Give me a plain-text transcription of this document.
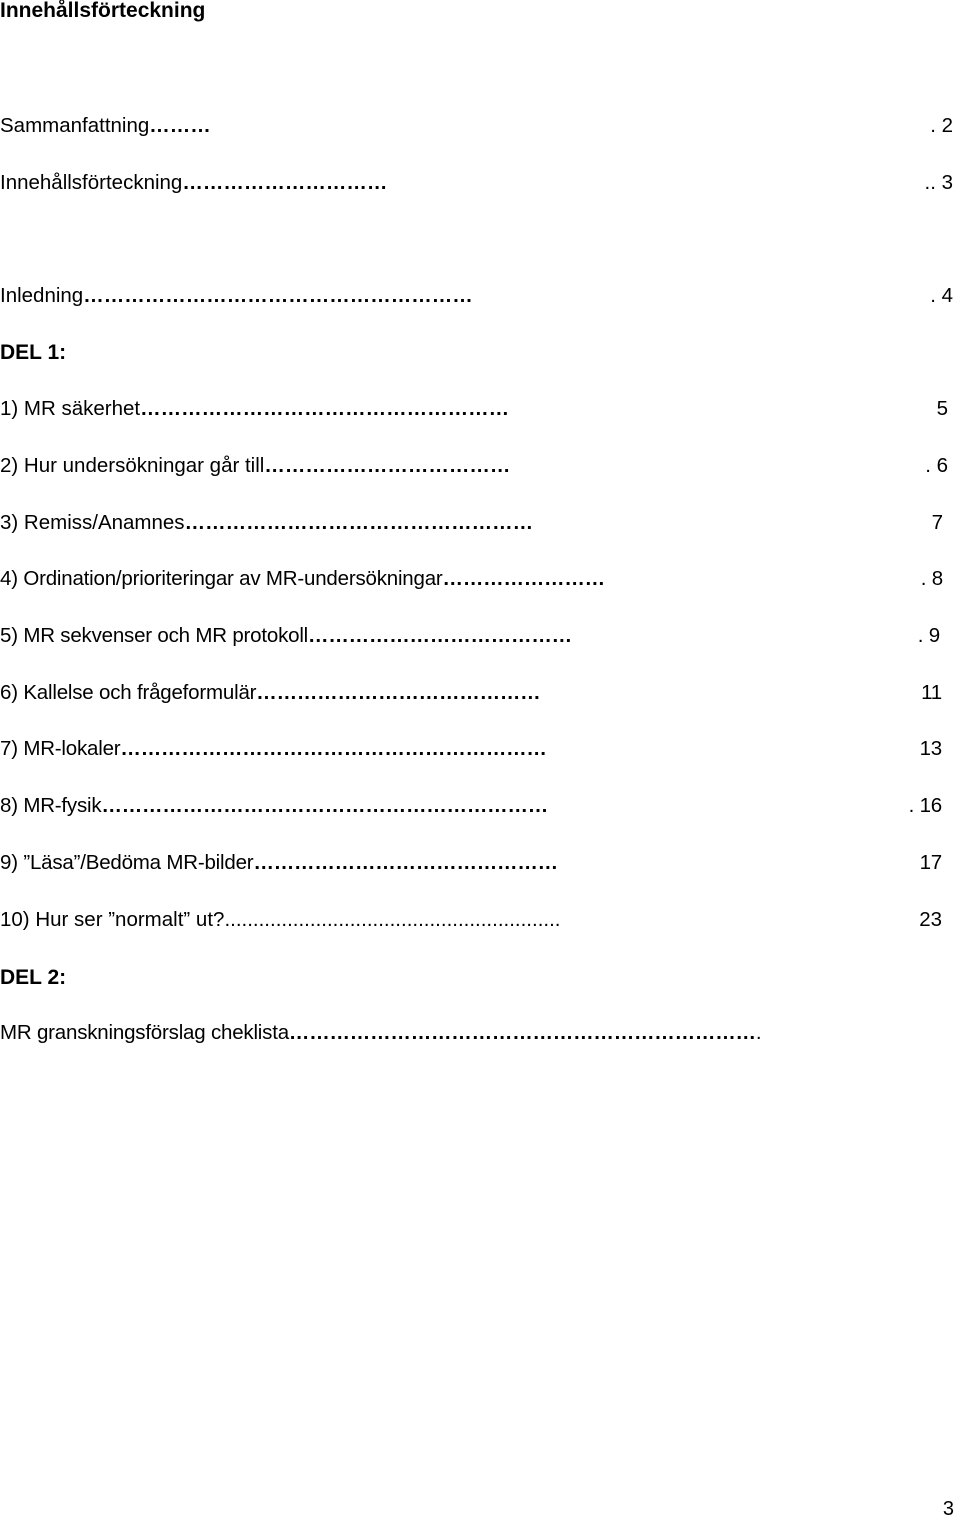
Innehållsförteckning
Sammanfattning………	. 2
Innehållsförteckning…………………………	.. 3
Inledning…………………………………………………	. 4
DEL 1:
1) MR säkerhet………………………………………………	5
2) Hur undersökningar går till………………………………	. 6
3) Remiss/Anamnes……………………………………………	7
4) Ordination/prioriteringar av MR-undersökningar……………………	. 8
5) MR sekvenser och MR protokoll…………………………………	. 9
6) Kallelse och frågeformulär……………………………………	11
7) MR-lokaler………………………………………………………	13
8) MR-fysik…………………………………………………………	. 16
9) ”Läsa”/Bedöma MR-bilder………………………………………	17
10) Hur ser ”normalt” ut?...........................................................	23
DEL 2:
MR granskningsförslag cheklista…………………………………………………………….
3
